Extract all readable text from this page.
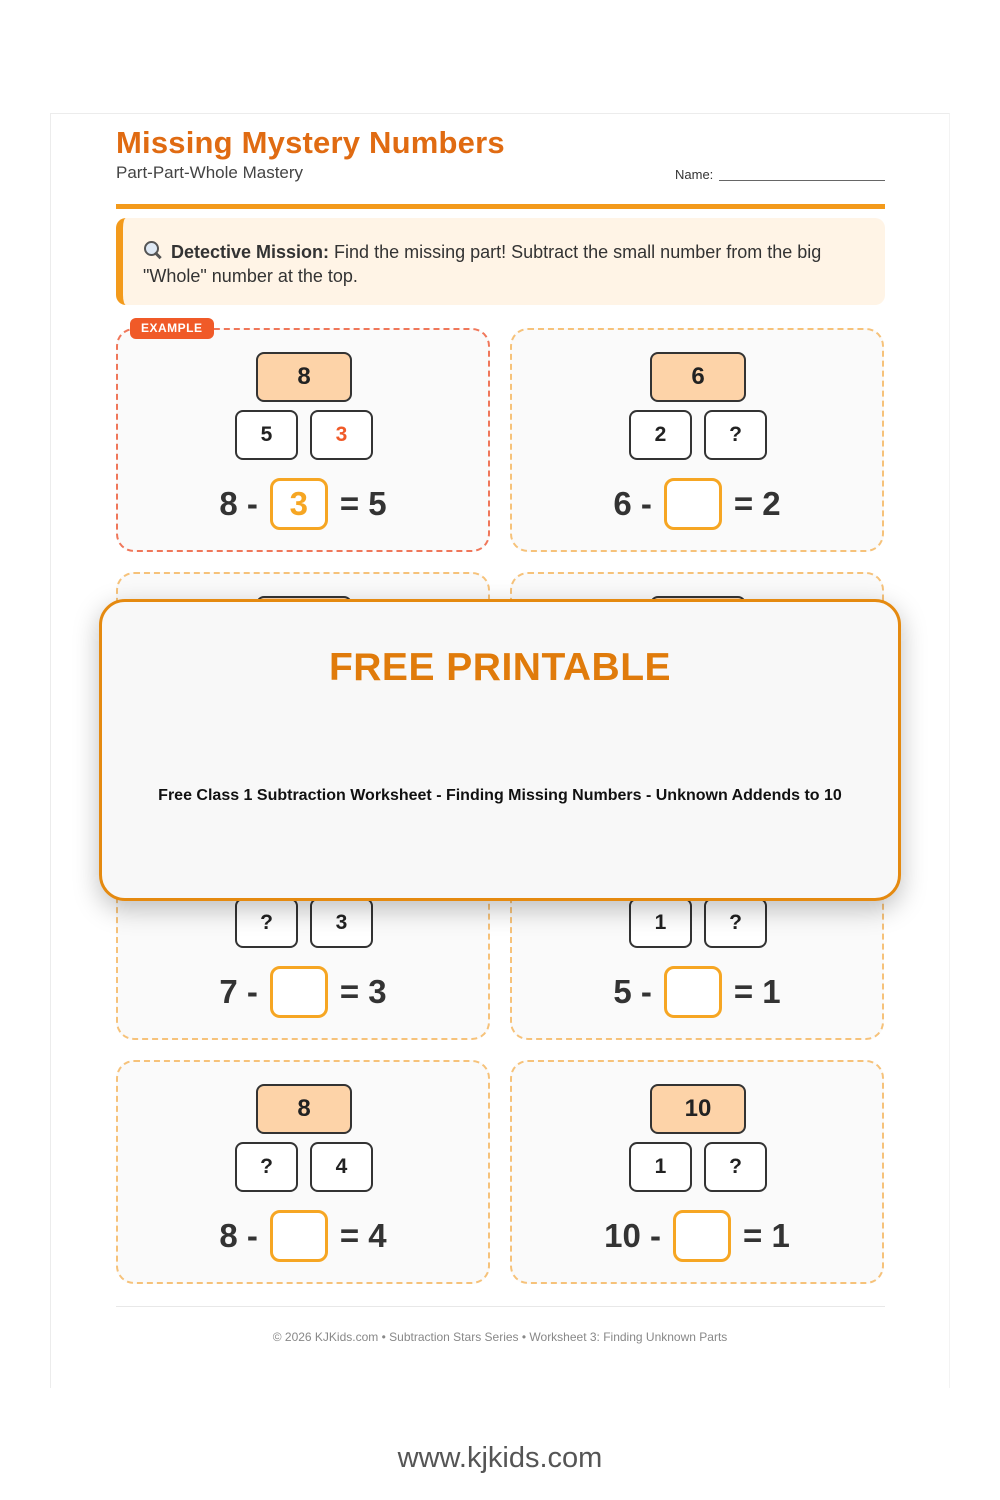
Missing Mystery Numbers
Part-Part-Whole Mastery	Name:
Detective Mission: Find the missing part! Subtract the small number from the big "Whole" number at the top.
8
5	3
8 - 3 = 5
EXAMPLE
6
2	?
6 - = 2
?	3
7 - = 3
1	?
5 - = 1
8
?	4
8 - = 4
10
1	?
10 - = 1
FREE PRINTABLE
Free Class 1 Subtraction Worksheet - Finding Missing Numbers - Unknown Addends to 10
© 2026 KJKids.com • Subtraction Stars Series • Worksheet 3: Finding Unknown Parts
www.kjkids.com
